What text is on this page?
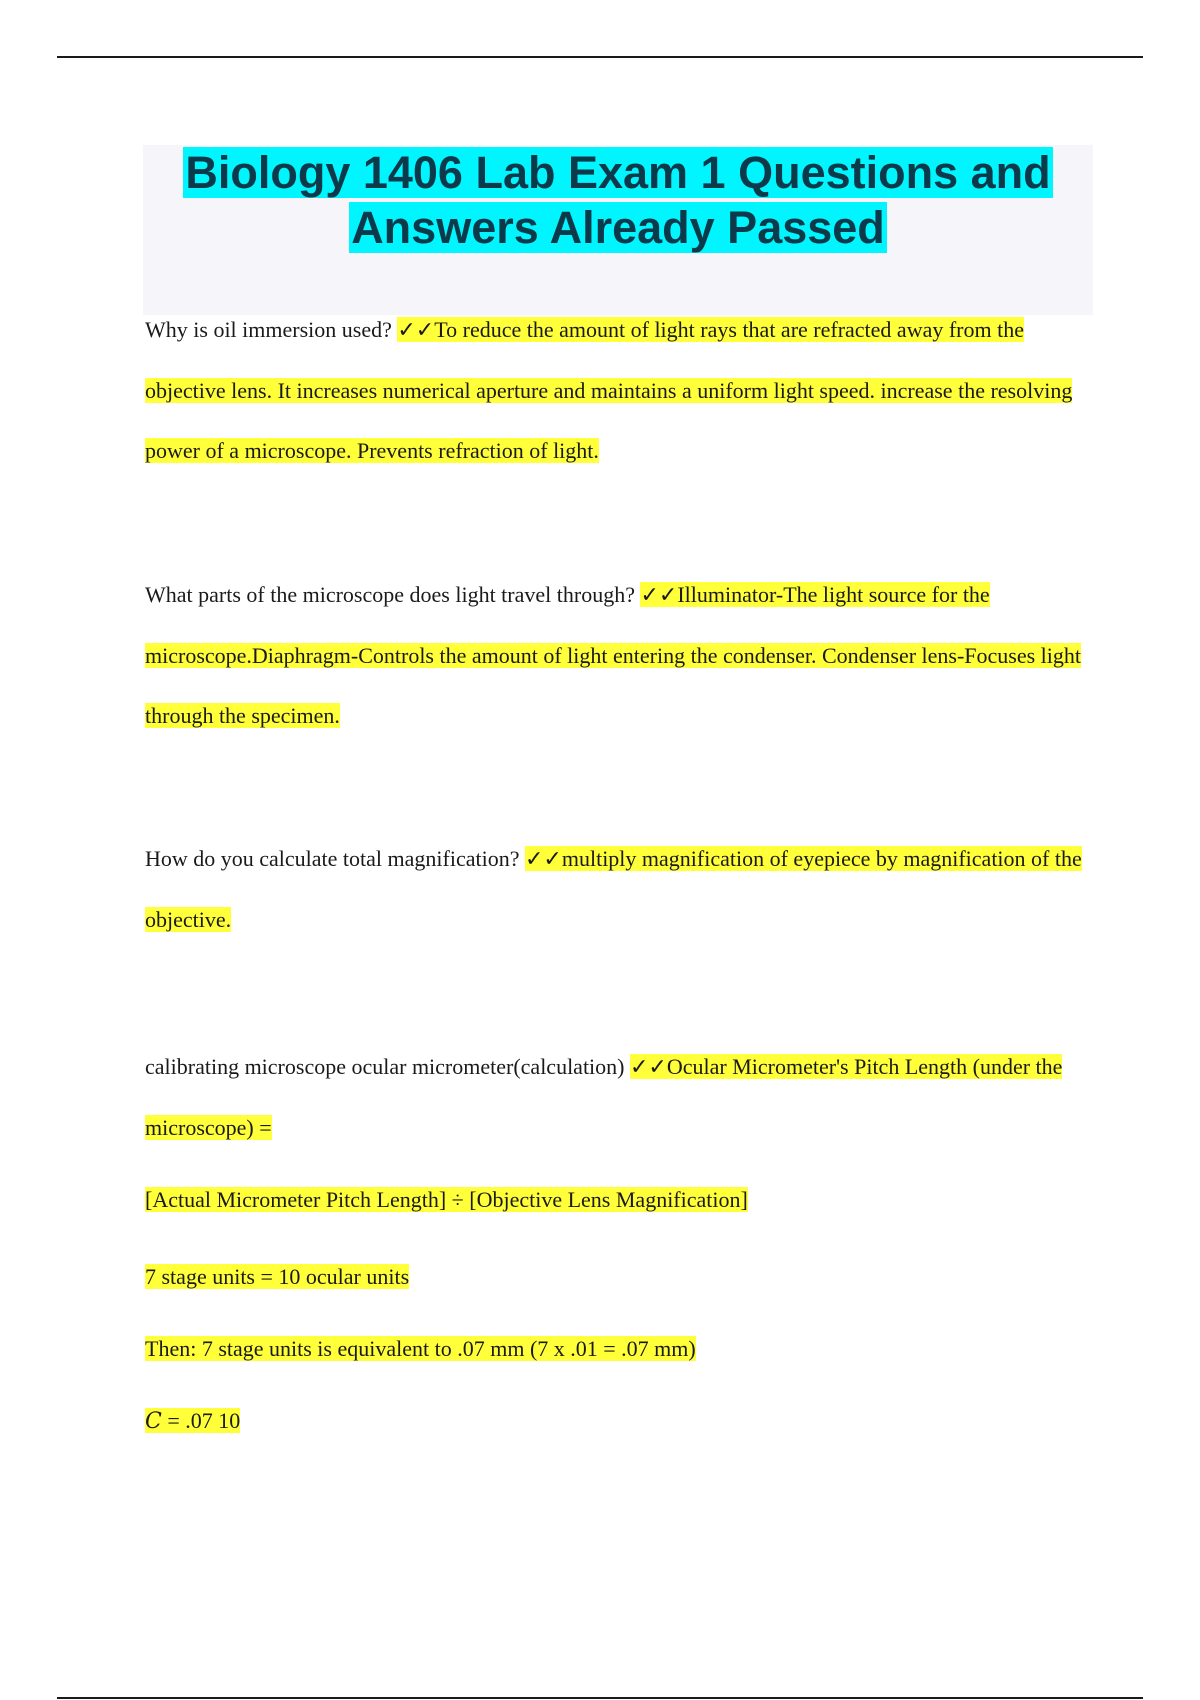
Biology 1406 Lab Exam 1 Questions and
Answers Already Passed

Why is oil immersion used? ✓✓To reduce the amount of light rays that are refracted away from the objective lens. It increases numerical aperture and maintains a uniform light speed. increase the resolving power of a microscope. Prevents refraction of light.

What parts of the microscope does light travel through? ✓✓Illuminator-The light source for the microscope.Diaphragm-Controls the amount of light entering the condenser. Condenser lens-Focuses light through the specimen.

How do you calculate total magnification? ✓✓multiply magnification of eyepiece by magnification of the objective.

calibrating microscope ocular micrometer(calculation) ✓✓Ocular Micrometer's Pitch Length (under the microscope) =

[Actual Micrometer Pitch Length] ÷ [Objective Lens Magnification]

7 stage units = 10 ocular units

Then: 7 stage units is equivalent to .07 mm (7 x .01 = .07 mm)

C = .07 10
